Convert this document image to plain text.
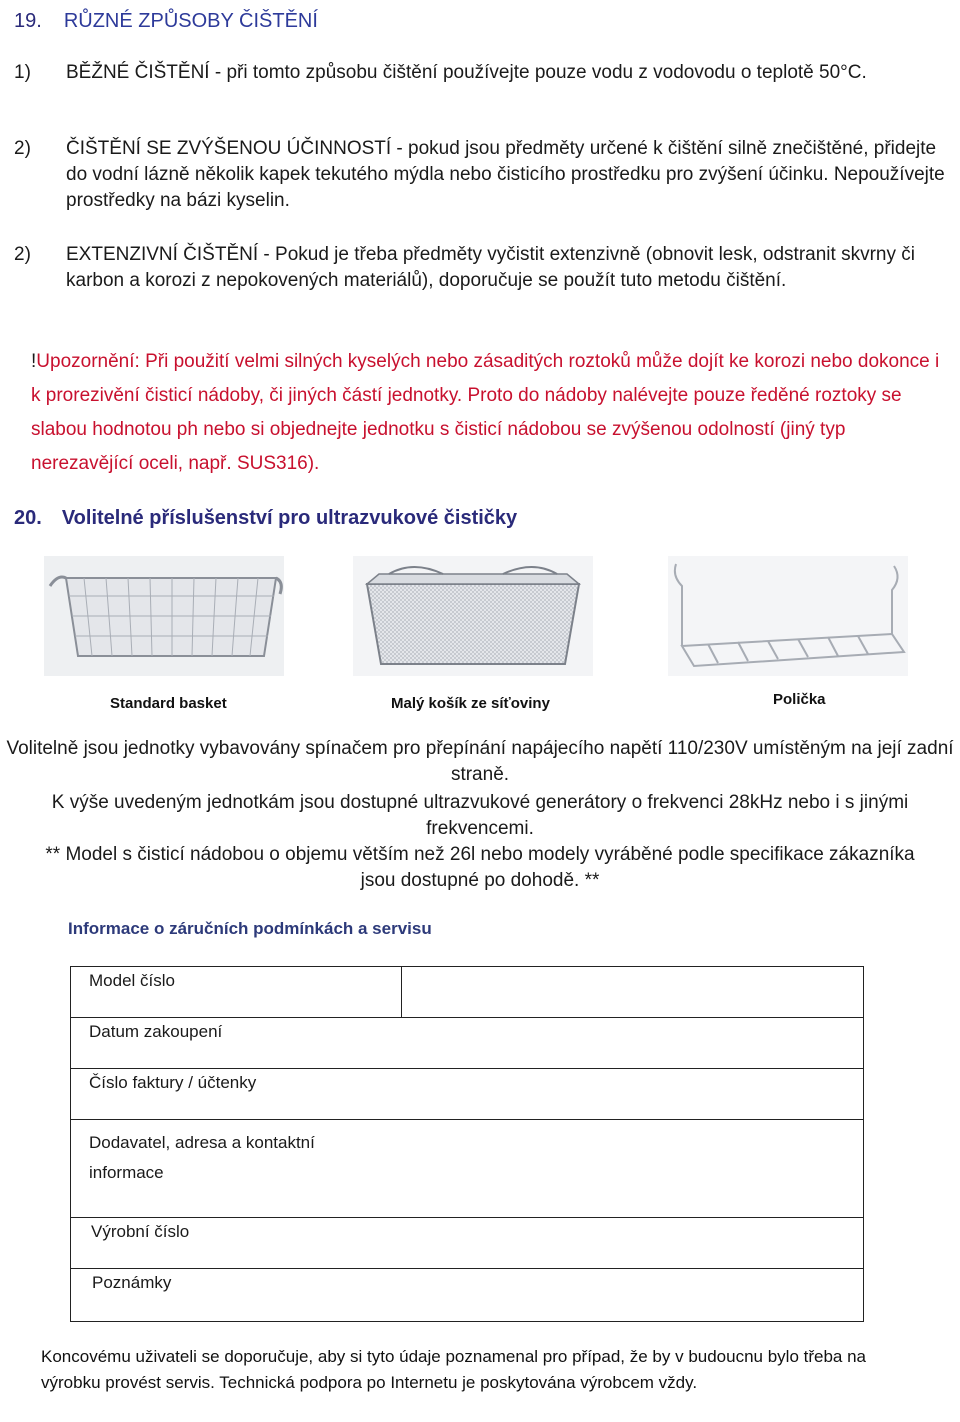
19. RŮZNÉ ZPŮSOBY ČIŠTĚNÍ
1) BĚŽNÉ ČIŠTĚNÍ - při tomto způsobu čištění používejte pouze vodu z vodovodu o teplotě 50°C.
2) ČIŠTĚNÍ SE ZVÝŠENOU ÚČINNOSTÍ - pokud jsou předměty určené k čištění silně znečištěné, přidejte do vodní lázně několik kapek tekutého mýdla nebo čisticího prostředku pro zvýšení účinku. Nepoužívejte prostředky na bázi kyselin.
2) EXTENZIVNÍ ČIŠTĚNÍ - Pokud je třeba předměty vyčistit extenzivně (obnovit lesk, odstranit skvrny či karbon a korozi z nepokovených materiálů), doporučuje se použít tuto metodu čištění.
!Upozornění: Při použití velmi silných kyselých nebo zásaditých roztoků může dojít ke korozi nebo dokonce i k prorezivění čisticí nádoby, či jiných částí jednotky. Proto do nádoby nalévejte pouze ředěné roztoky se slabou hodnotou ph nebo si objednejte jednotku s čisticí nádobou se zvýšenou odolností (jiný typ nerezavějící oceli, např. SUS316).
20. Volitelné příslušenství pro ultrazvukové čističky
Standard basket	Malý košík ze síťoviny	Polička
Volitelně jsou jednotky vybavovány spínačem pro přepínání napájecího napětí 110/230V umístěným na její zadní straně.
K výše uvedeným jednotkám jsou dostupné ultrazvukové generátory o frekvenci 28kHz nebo i s jinými frekvencemi.
** Model s čisticí nádobou o objemu větším než 26l nebo modely vyráběné podle specifikace zákazníka jsou dostupné po dohodě. **
Informace o záručních podmínkách a servisu
Model číslo	
Datum zakoupení	
Číslo faktury / účtenky	
Dodavatel, adresa a kontaktní informace	
Výrobní číslo	
Poznámky	
Koncovému uživateli se doporučuje, aby si tyto údaje poznamenal pro případ, že by v budoucnu bylo třeba na výrobku provést servis. Technická podpora po Internetu je poskytována výrobcem vždy.
